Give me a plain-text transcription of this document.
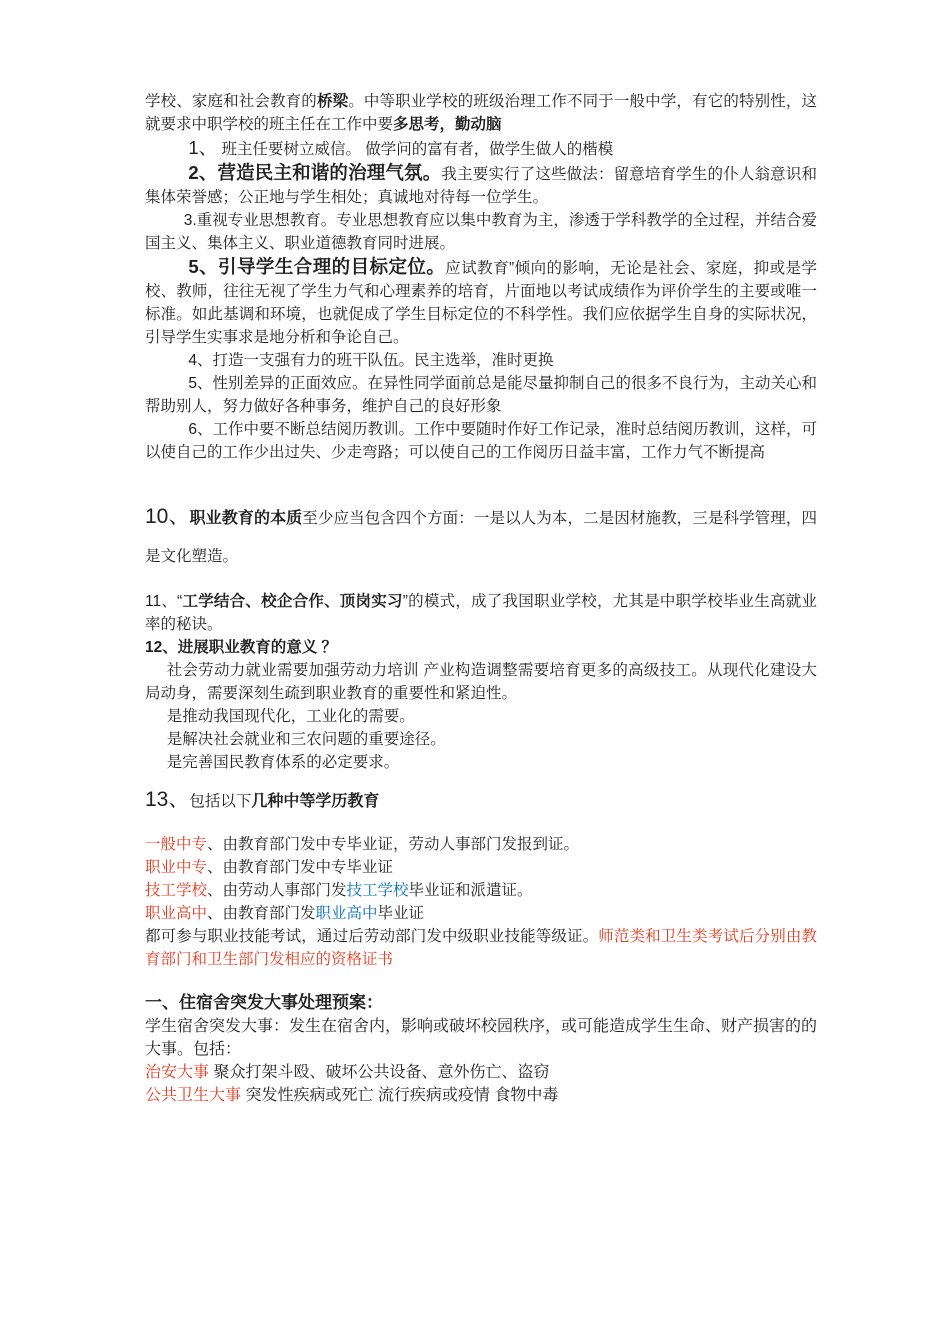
学校、家庭和社会教育的桥梁。中等职业学校的班级治理工作不同于一般中学，有它的特别性，这就要求中职学校的班主任在工作中要多思考，勤动脑

1、 班主任要树立威信。 做学问的富有者，做学生做人的楷模

2、营造民主和谐的治理气氛。我主要实行了这些做法：留意培育学生的仆人翁意识和集体荣誉感；公正地与学生相处；真诚地对待每一位学生。

3.重视专业思想教育。专业思想教育应以集中教育为主，渗透于学科教学的全过程，并结合爱国主义、集体主义、职业道德教育同时进展。

5、引导学生合理的目标定位。应试教育”倾向的影响，无论是社会、家庭，抑或是学校、教师，往往无视了学生力气和心理素养的培育，片面地以考试成绩作为评价学生的主要或唯一标准。如此基调和环境，也就促成了学生目标定位的不科学性。我们应依据学生自身的实际状况，引导学生实事求是地分析和争论自己。

4、打造一支强有力的班干队伍。民主选举，准时更换

5、性别差异的正面效应。在异性同学面前总是能尽量抑制自己的很多不良行为，主动关心和帮助别人，努力做好各种事务，维护自己的良好形象

6、工作中要不断总结阅历教训。工作中要随时作好工作记录，准时总结阅历教训，这样，可以使自己的工作少出过失、少走弯路；可以使自己的工作阅历日益丰富，工作力气不断提高

10、职业教育的本质至少应当包含四个方面：一是以人为本，二是因材施教，三是科学管理，四是文化塑造。

11、“工学结合、校企合作、顶岗实习”的模式，成了我国职业学校，尤其是中职学校毕业生高就业率的秘诀。

12、进展职业教育的意义 ？

社会劳动力就业需要加强劳动力培训 产业构造调整需要培育更多的高级技工。从现代化建设大局动身，需要深刻生疏到职业教育的重要性和紧迫性。

是推动我国现代化，工业化的需要。

是解决社会就业和三农问题的重要途径。

是完善国民教育体系的必定要求。

13、包括以下几种中等学历教育

一般中专、由教育部门发中专毕业证，劳动人事部门发报到证。

职业中专、由教育部门发中专毕业证

技工学校、由劳动人事部门发技工学校毕业证和派遣证。

职业高中、由教育部门发职业高中毕业证

都可参与职业技能考试，通过后劳动部门发中级职业技能等级证。师范类和卫生类考试后分别由教育部门和卫生部门发相应的资格证书

一、住宿舍突发大事处理预案：

学生宿舍突发大事：发生在宿舍内，影响或破坏校园秩序，或可能造成学生生命、财产损害的的大事。包括：

治安大事 聚众打架斗殴、破坏公共设备、意外伤亡、盗窃

公共卫生大事 突发性疾病或死亡 流行疾病或疫情 食物中毒
